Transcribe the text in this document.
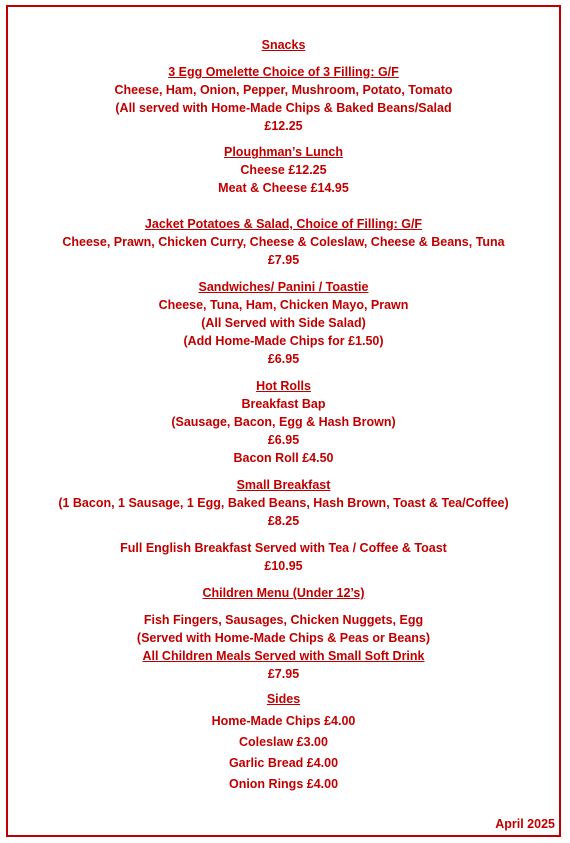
Snacks
3 Egg Omelette Choice of 3 Filling: G/F
Cheese, Ham, Onion, Pepper, Mushroom, Potato, Tomato
(All served with Home-Made Chips & Baked Beans/Salad
£12.25
Ploughman’s Lunch
Cheese £12.25
Meat & Cheese £14.95
Jacket Potatoes & Salad, Choice of Filling: G/F
Cheese, Prawn, Chicken Curry, Cheese & Coleslaw, Cheese & Beans, Tuna
£7.95
Sandwiches/ Panini / Toastie
Cheese, Tuna, Ham, Chicken Mayo, Prawn
(All Served with Side Salad)
(Add Home-Made Chips for £1.50)
£6.95
Hot Rolls
Breakfast Bap
(Sausage, Bacon, Egg & Hash Brown)
£6.95
Bacon Roll £4.50
Small Breakfast
(1 Bacon, 1 Sausage, 1 Egg, Baked Beans, Hash Brown, Toast & Tea/Coffee)
£8.25
Full English Breakfast Served with Tea / Coffee & Toast
£10.95
Children Menu (Under 12’s)
Fish Fingers, Sausages, Chicken Nuggets, Egg
(Served with Home-Made Chips & Peas or Beans)
All Children Meals Served with Small Soft Drink
£7.95
Sides
Home-Made Chips £4.00
Coleslaw £3.00
Garlic Bread £4.00
Onion Rings £4.00
April 2025
